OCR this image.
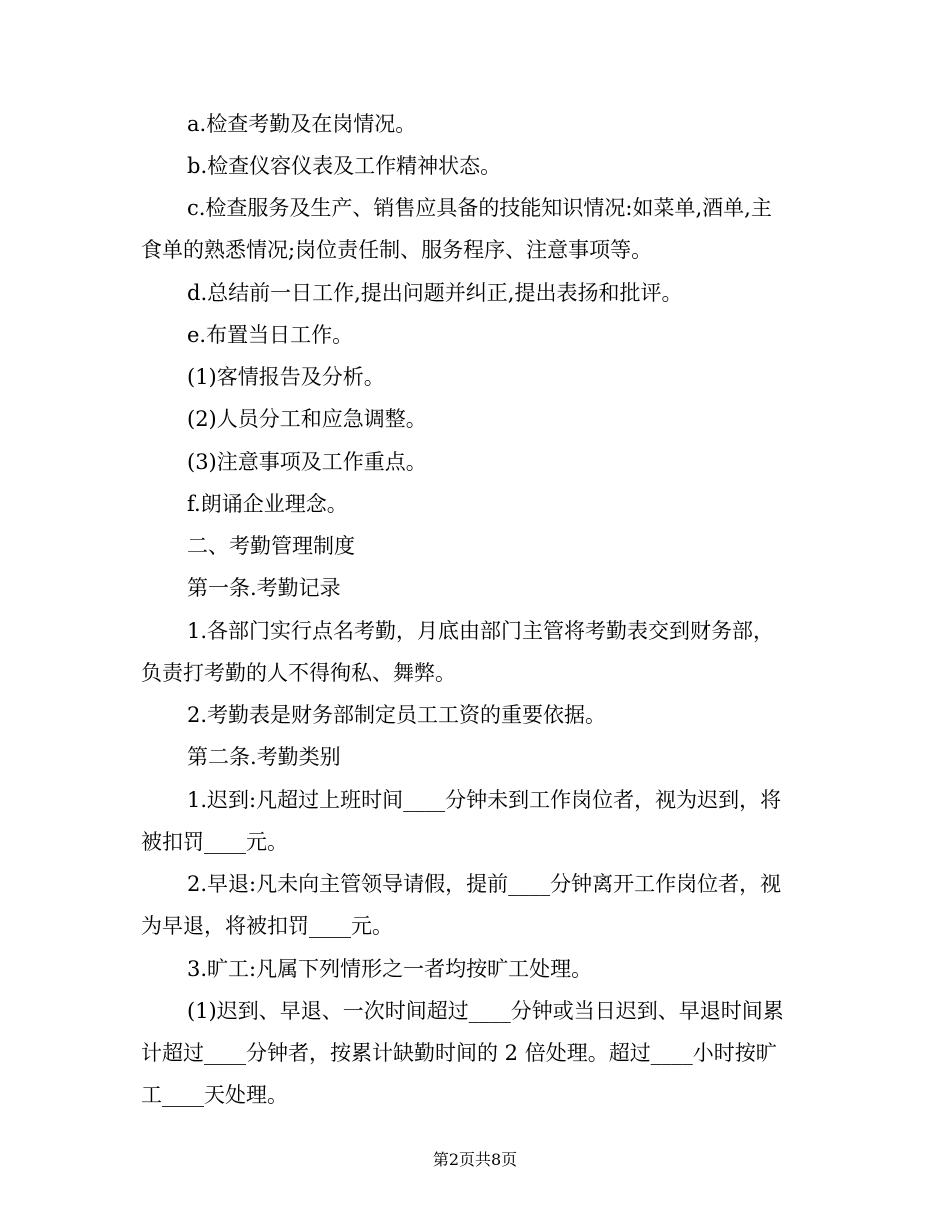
a.检查考勤及在岗情况。
b.检查仪容仪表及工作精神状态。
c.检查服务及生产、销售应具备的技能知识情况:如菜单,酒单,主
食单的熟悉情况;岗位责任制、服务程序、注意事项等。
d.总结前一日工作,提出问题并纠正,提出表扬和批评。
e.布置当日工作。
(1)客情报告及分析。
(2)人员分工和应急调整。
(3)注意事项及工作重点。
f.朗诵企业理念。
二、考勤管理制度
第一条.考勤记录
1.各部门实行点名考勤，月底由部门主管将考勤表交到财务部，
负责打考勤的人不得徇私、舞弊。
2.考勤表是财务部制定员工工资的重要依据。
第二条.考勤类别
1.迟到:凡超过上班时间____分钟未到工作岗位者，视为迟到，将
被扣罚____元。
2.早退:凡未向主管领导请假，提前____分钟离开工作岗位者，视
为早退，将被扣罚____元。
3.旷工:凡属下列情形之一者均按旷工处理。
(1)迟到、早退、一次时间超过____分钟或当日迟到、早退时间累
计超过____分钟者，按累计缺勤时间的 2 倍处理。超过____小时按旷
工____天处理。
第2页共8页
